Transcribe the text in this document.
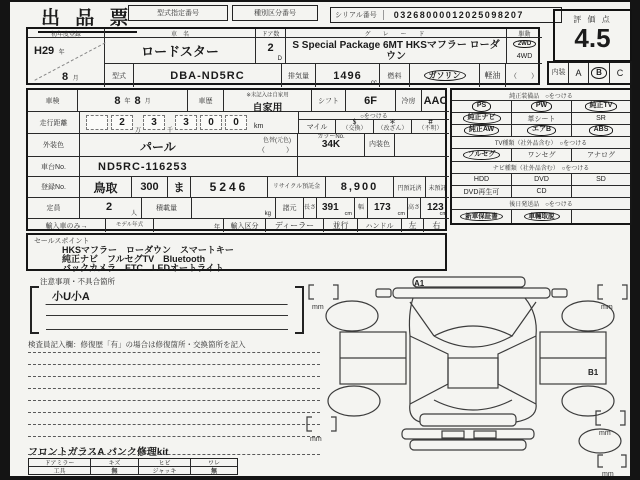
出 品 票	型式指定番号	種別区分番号	シリアル番号	03268000012025098207	評 価 点
4.5
初年度登録
H29 年
8 月
車　名
ロードスター
ドア数
2
D
グ　レ　ー　ド
S Special Package 6MT HKSマフラー ローダウン
駆動
2WD
4WD
型式	DBA-ND5RC	排気量	1496
cc
燃料	ガソリン	軽油	（　　）	内装	A	B	C
車検	8 年 8 月	車歴
※未記入は自家用
自家用
シフト	6F	冷房 AAC
走行距離	2
万
3
千
3	0	0	km
○をつける
マイル
＄
（交換）
＊
（改ざん）
＃
（不明）
外装色	パール	色替(元色)
（　　　）
カラーNo.
34K	内装色
車台No.	ND5RC-116253
登録No.	鳥取	300	ま	5246	リサイクル預託金	8,900	円預託済	未預託
定員	2
人
積載量
kg
諸元	長さ 391
cm
幅	173
cm
高さ 123
cm
輸入車のみ→	モデル年式
年	輸入区分	ディーラー	並行	ハンドル	左	右
セールスポイント
HKSマフラー　ローダウン　スマートキー
純正ナビ　フルセグTV　Bluetooth
バックカメラ　ETC　LEDオートライト
純正装備品　○をつける
PS	PW	純正TV
純正ナビ	革シート	SR
純正AW	エアB	ABS
TV種類（社外品含む）　○をつける
フルセグ	ワンセグ	アナログ
ナビ種類（社外品含む）　○をつける
HDD	DVD	SD
DVD再生可	CD
後日発送品　○をつける
新車保証書	車輛取説
注意事項・不具合箇所
小U小A
検査員記入欄：修復歴「有」の場合は修復箇所・交換箇所を記入
フロントガラスA パンク修理kit
ドアミラー	キズ	ヒビ	ワレ
工具	無	ジャッキ	無
A1
B1
mm	mm
mm
mm
mm
